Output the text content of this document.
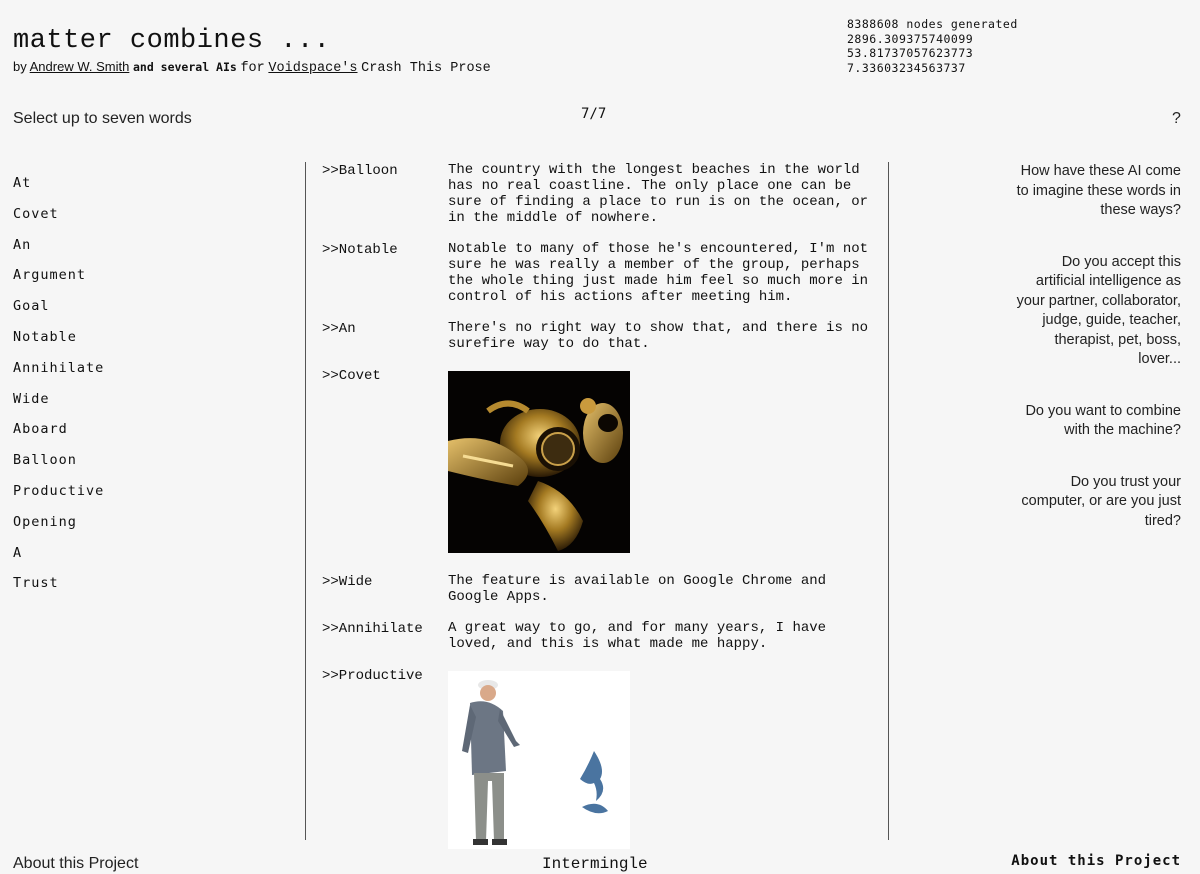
matter combines ...
by Andrew W. Smith and several AIs for Voidspace's Crash This Prose
8388608 nodes generated
2896.309375740099
53.81737057623773
7.33603234563737
Select up to seven words	7/7	?
At
Covet
An
Argument
Goal
Notable
Annihilate
Wide
Aboard
Balloon
Productive
Opening
A
Trust
>>Balloon	The country with the longest beaches in the world has no real coastline. The only place one can be sure of finding a place to run is on the ocean, or in the middle of nowhere.
>>Notable	Notable to many of those he's encountered, I'm not sure he was really a member of the group, perhaps the whole thing just made him feel so much more in control of his actions after meeting him.
>>An	There's no right way to show that, and there is no surefire way to do that.
>>Covet
>>Wide	The feature is available on Google Chrome and Google Apps.
>>Annihilate	A great way to go, and for many years, I have loved, and this is what made me happy.
>>Productive

How have these AI come to imagine these words in these ways?

Do you accept this artificial intelligence as your partner, collaborator, judge, guide, teacher, therapist, pet, boss, lover...

Do you want to combine with the machine?

Do you trust your computer, or are you just tired?

About this Project	Intermingle	About this Project
